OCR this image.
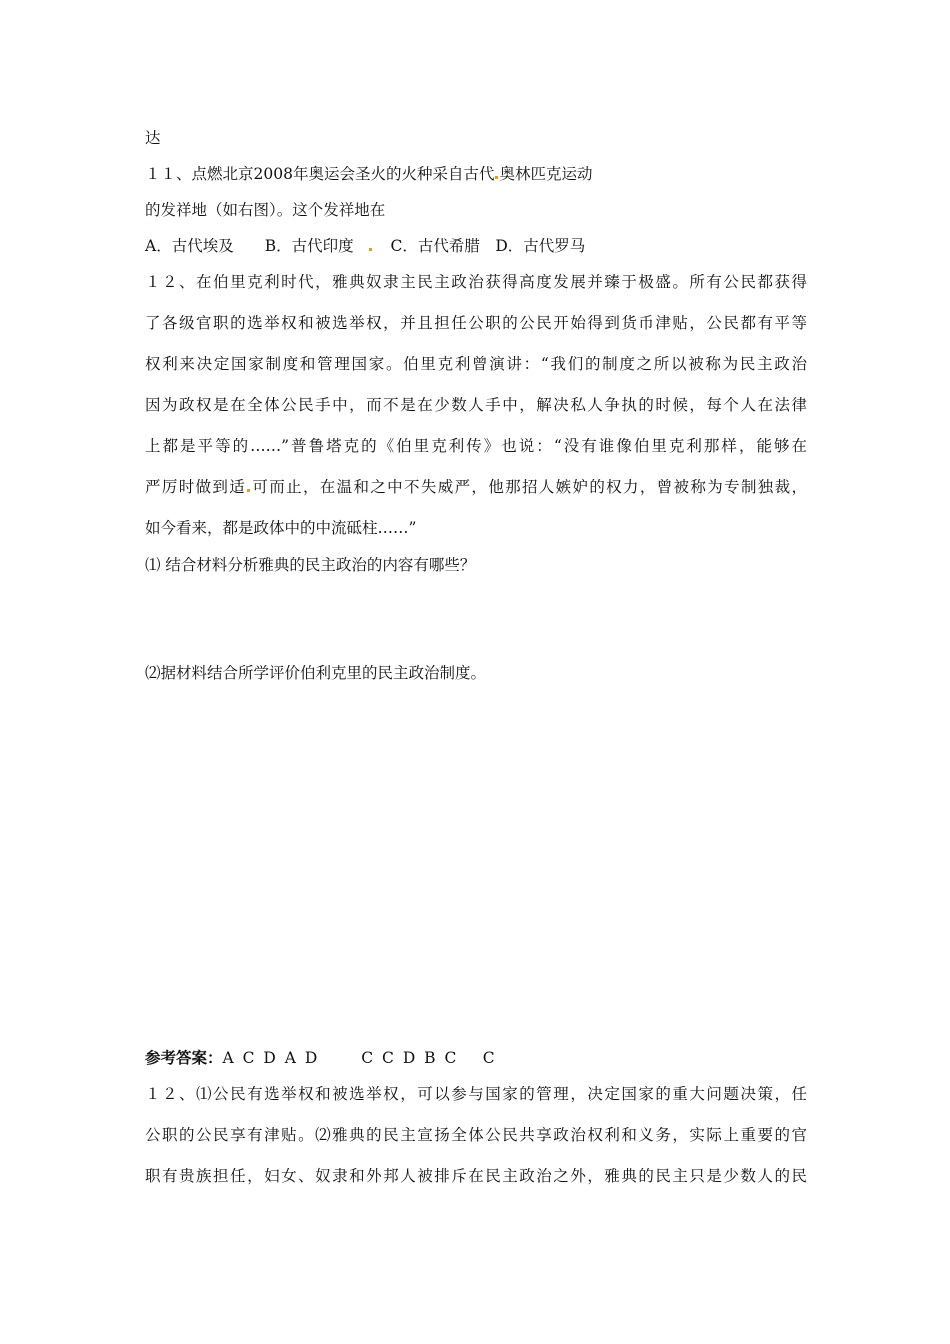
达
１１、点燃北京2008年奥运会圣火的火种采自古代 奥林匹克运动
的发祥地（如右图）。这个发祥地在
A．古代埃及　　B．古代印度 C．古代希腊　D．古代罗马
１２、在伯里克利时代，雅典奴隶主民主政治获得高度发展并臻于极盛。所有公民都获得
了各级官职的选举权和被选举权，并且担任公职的公民开始得到货币津贴，公民都有平等
权利来决定国家制度和管理国家。伯里克利曾演讲：“我们的制度之所以被称为民主政治
因为政权是在全体公民手中，而不是在少数人手中，解决私人争执的时候，每个人在法律
上都是平等的……”普鲁塔克的《伯里克利传》也说：“没有谁像伯里克利那样，能够在
严厉时做到适 可而止，在温和之中不失威严，他那招人嫉妒的权力，曾被称为专制独裁，
如今看来，都是政体中的中流砥柱……”
⑴ 结合材料分析雅典的民主政治的内容有哪些？
⑵据材料结合所学评价伯利克里的民主政治制度。
参考答案：A C D A D　　 C C D B C　 C
１２、⑴公民有选举权和被选举权，可以参与国家的管理，决定国家的重大问题决策，任
公职的公民享有津贴。⑵雅典的民主宣扬全体公民共享政治权利和义务，实际上重要的官
职有贵族担任，妇女、奴隶和外邦人被排斥在民主政治之外，雅典的民主只是少数人的民
